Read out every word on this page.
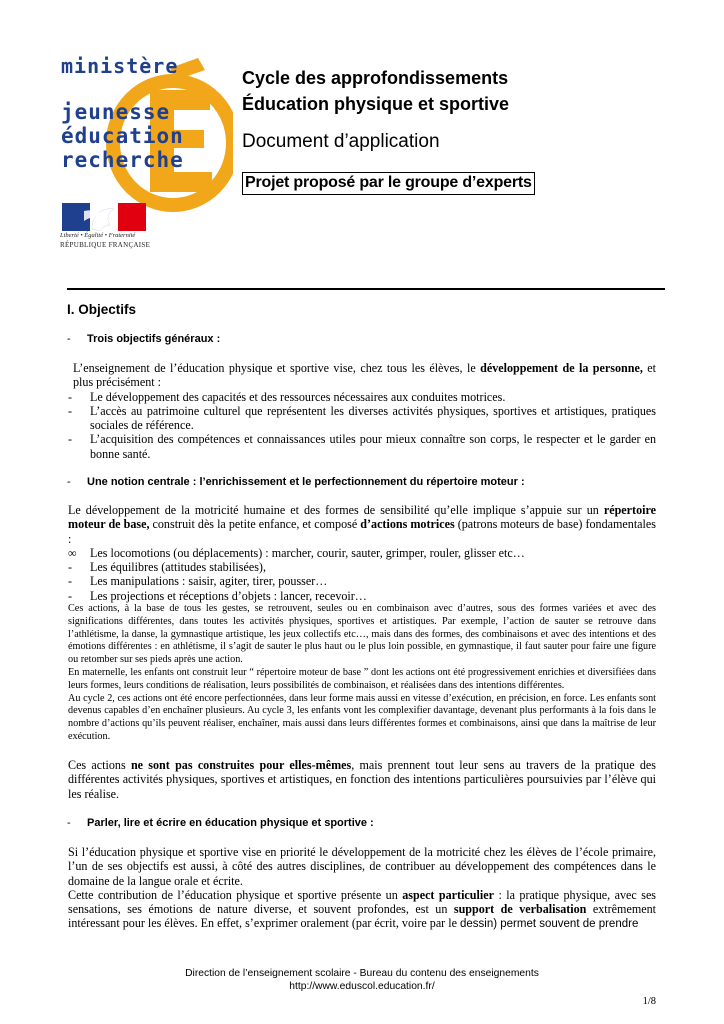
ministère
jeunesse
éducation
recherche
Liberté • Égalité • Fraternité
RÉPUBLIQUE FRANÇAISE
Cycle des approfondissements
Éducation physique et sportive
Document d’application
Projet proposé par le groupe d’experts
I. Objectifs
- Trois objectifs généraux :

L’enseignement de l’éducation physique et sportive vise, chez tous les élèves, le développement de la personne, et plus précisément :

- Le développement des capacités et des ressources nécessaires aux conduites motrices.
- L’accès au patrimoine culturel que représentent les diverses activités physiques, sportives et artistiques, pratiques sociales de référence.
- L’acquisition des compétences et connaissances utiles pour mieux connaître son corps, le respecter et le garder en bonne santé.
- Une notion centrale : l’enrichissement et le perfectionnement du répertoire moteur :

Le développement de la motricité humaine et des formes de sensibilité qu’elle implique s’appuie sur un répertoire moteur de base, construit dès la petite enfance, et composé d’actions motrices (patrons moteurs de base) fondamentales :

∞ Les locomotions (ou déplacements) : marcher, courir, sauter, grimper, rouler, glisser etc…
- Les équilibres (attitudes stabilisées),
- Les manipulations : saisir, agiter, tirer, pousser…
- Les projections et réceptions d’objets : lancer, recevoir…

Ces actions, à la base de tous les gestes, se retrouvent, seules ou en combinaison avec d’autres, sous des formes variées et avec des significations différentes, dans toutes les activités physiques, sportives et artistiques. Par exemple, l’action de sauter se retrouve dans l’athlétisme, la danse, la gymnastique artistique, les jeux collectifs etc…, mais dans des formes, des combinaisons et avec des intentions et des émotions différentes : en athlétisme, il s’agit de sauter le plus haut ou le plus loin possible, en gymnastique, il faut sauter pour faire une figure ou retomber sur ses pieds après une action.

En maternelle, les enfants ont construit leur “ répertoire moteur de base ” dont les actions ont été progressivement enrichies et diversifiées dans leurs formes, leurs conditions de réalisation, leurs possibilités de combinaison, et réalisées dans des intentions différentes.

Au cycle 2, ces actions ont été encore perfectionnées, dans leur forme mais aussi en vitesse d’exécution, en précision, en force. Les enfants sont devenus capables d’en enchaîner plusieurs. Au cycle 3, les enfants vont les complexifier davantage, devenant plus performants à la fois dans le nombre d’actions qu’ils peuvent réaliser, enchaîner, mais aussi dans leurs différentes formes et combinaisons, ainsi que dans la maîtrise de leur exécution.

Ces actions ne sont pas construites pour elles-mêmes, mais prennent tout leur sens au travers de la pratique des différentes activités physiques, sportives et artistiques, en fonction des intentions particulières poursuivies par l’élève qui les réalise.

- Parler, lire et écrire en éducation physique et sportive :

Si l’éducation physique et sportive vise en priorité le développement de la motricité chez les élèves de l’école primaire, l’un de ses objectifs est aussi, à côté des autres disciplines, de contribuer au développement des compétences dans le domaine de la langue orale et écrite.

Cette contribution de l’éducation physique et sportive présente un aspect particulier : la pratique physique, avec ses sensations, ses émotions de nature diverse, et souvent profondes, est un support de verbalisation extrêmement intéressant pour les élèves. En effet, s’exprimer oralement (par écrit, voire par le dessin) permet souvent de prendre

Direction de l’enseignement scolaire - Bureau du contenu des enseignements
http://www.eduscol.education.fr/
1/8
